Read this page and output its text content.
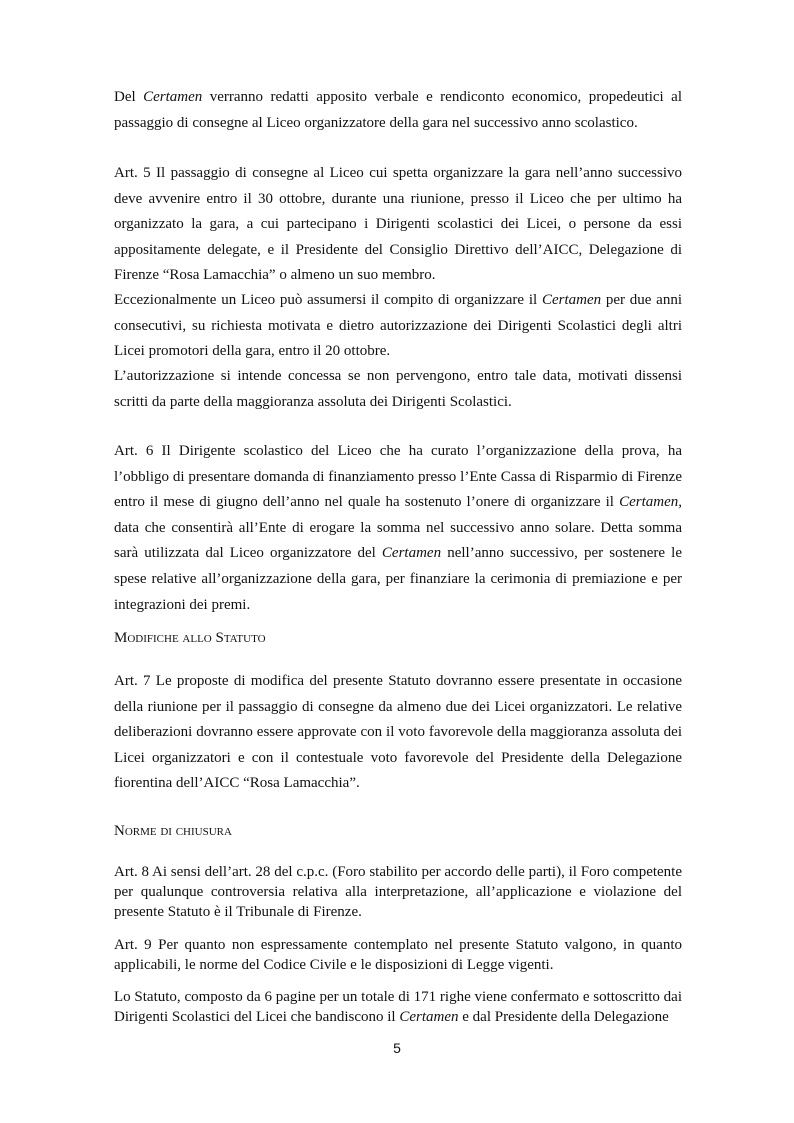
Del Certamen verranno redatti apposito verbale e rendiconto economico, propedeutici al passaggio di consegne al Liceo organizzatore della gara nel successivo anno scolastico.

Art. 5 Il passaggio di consegne al Liceo cui spetta organizzare la gara nell’anno successivo deve avvenire entro il 30 ottobre, durante una riunione, presso il Liceo che per ultimo ha organizzato la gara, a cui partecipano i Dirigenti scolastici dei Licei, o persone da essi appositamente delegate, e il Presidente del Consiglio Direttivo dell’AICC, Delegazione di Firenze “Rosa Lamacchia” o almeno un suo membro.

Eccezionalmente un Liceo può assumersi il compito di organizzare il Certamen per due anni consecutivi, su richiesta motivata e dietro autorizzazione dei Dirigenti Scolastici degli altri Licei promotori della gara, entro il 20 ottobre.

L’autorizzazione si intende concessa se non pervengono, entro tale data, motivati dissensi scritti da parte della maggioranza assoluta dei Dirigenti Scolastici.

Art. 6 Il Dirigente scolastico del Liceo che ha curato l’organizzazione della prova, ha l’obbligo di presentare domanda di finanziamento presso l’Ente Cassa di Risparmio di Firenze entro il mese di giugno dell’anno nel quale ha sostenuto l’onere di organizzare il Certamen, data che consentirà all’Ente di erogare la somma nel successivo anno solare. Detta somma sarà utilizzata dal Liceo organizzatore del Certamen nell’anno successivo, per sostenere le spese relative all’organizzazione della gara, per finanziare la cerimonia di premiazione e per integrazioni dei premi.

Modifiche allo Statuto

Art. 7 Le proposte di modifica del presente Statuto dovranno essere presentate in occasione della riunione per il passaggio di consegne da almeno due dei Licei organizzatori. Le relative deliberazioni dovranno essere approvate con il voto favorevole della maggioranza assoluta dei Licei organizzatori e con il contestuale voto favorevole del Presidente della Delegazione fiorentina dell’AICC “Rosa Lamacchia”.

Norme di chiusura

Art. 8 Ai sensi dell’art. 28 del c.p.c. (Foro stabilito per accordo delle parti), il Foro competente per qualunque controversia relativa alla interpretazione, all’applicazione e violazione del presente Statuto è il Tribunale di Firenze.

Art. 9 Per quanto non espressamente contemplato nel presente Statuto valgono, in quanto applicabili, le norme del Codice Civile e le disposizioni di Legge vigenti.

Lo Statuto, composto da 6 pagine per un totale di 171 righe viene confermato e sottoscritto dai Dirigenti Scolastici del Licei che bandiscono il Certamen e dal Presidente della Delegazione

5
